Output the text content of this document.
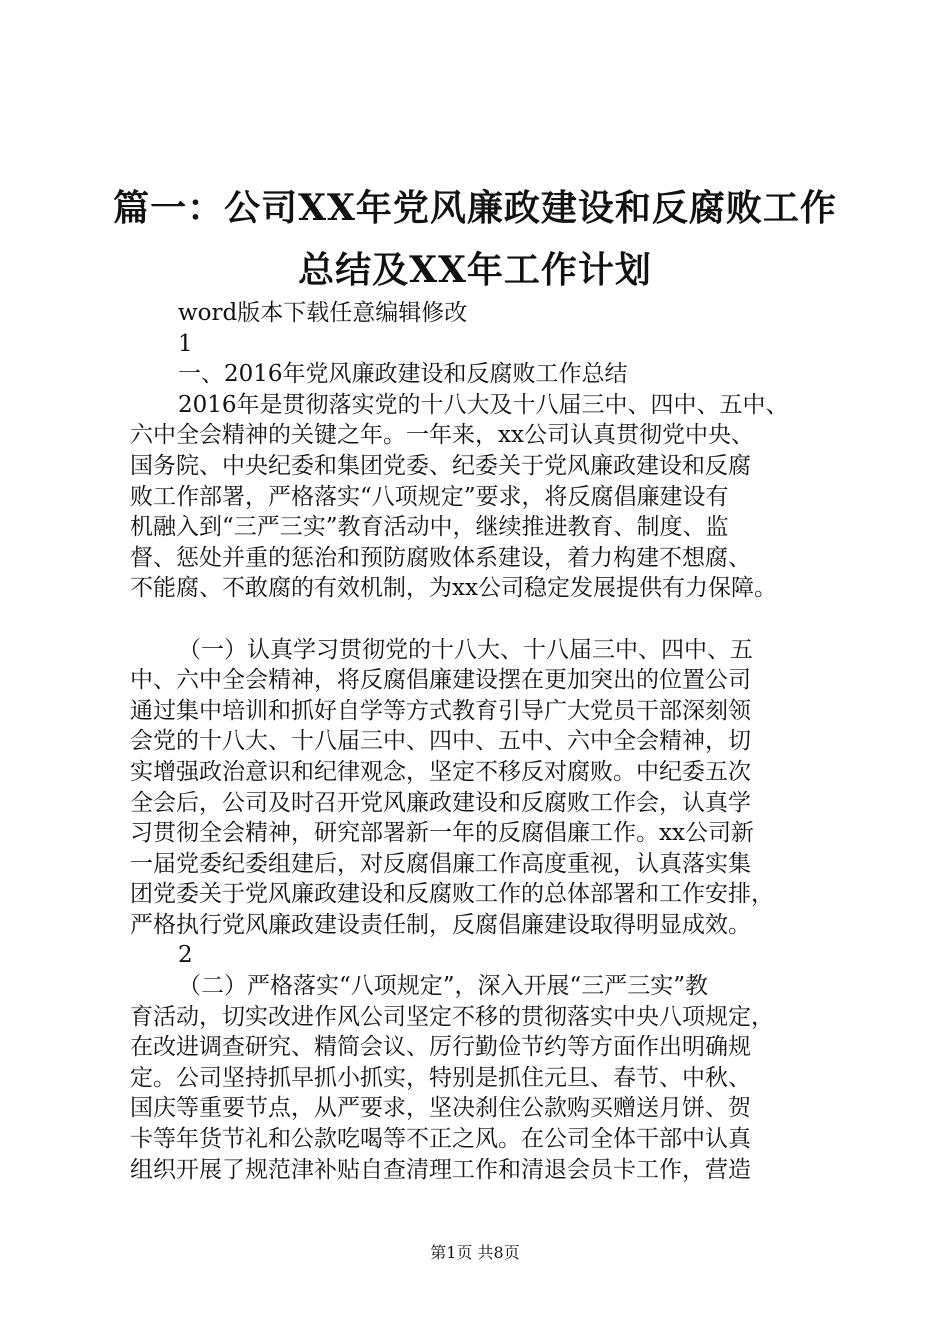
篇一：公司XX年党风廉政建设和反腐败工作
总结及XX年工作计划
word版本下载任意编辑修改
1
一、2016年党风廉政建设和反腐败工作总结
2016年是贯彻落实党的十八大及十八届三中、四中、五中、
六中全会精神的关键之年。一年来，xx公司认真贯彻党中央、
国务院、中央纪委和集团党委、纪委关于党风廉政建设和反腐
败工作部署，严格落实“八项规定”要求，将反腐倡廉建设有
机融入到“三严三实”教育活动中，继续推进教育、制度、监
督、惩处并重的惩治和预防腐败体系建设，着力构建不想腐、
不能腐、不敢腐的有效机制，为xx公司稳定发展提供有力保障。
（一）认真学习贯彻党的十八大、十八届三中、四中、五
中、六中全会精神，将反腐倡廉建设摆在更加突出的位置公司
通过集中培训和抓好自学等方式教育引导广大党员干部深刻领
会党的十八大、十八届三中、四中、五中、六中全会精神，切
实增强政治意识和纪律观念，坚定不移反对腐败。中纪委五次
全会后，公司及时召开党风廉政建设和反腐败工作会，认真学
习贯彻全会精神，研究部署新一年的反腐倡廉工作。xx公司新
一届党委纪委组建后，对反腐倡廉工作高度重视，认真落实集
团党委关于党风廉政建设和反腐败工作的总体部署和工作安排，
严格执行党风廉政建设责任制，反腐倡廉建设取得明显成效。
2
（二）严格落实“八项规定”，深入开展“三严三实”教
育活动，切实改进作风公司坚定不移的贯彻落实中央八项规定，
在改进调查研究、精简会议、厉行勤俭节约等方面作出明确规
定。公司坚持抓早抓小抓实，特别是抓住元旦、春节、中秋、
国庆等重要节点，从严要求，坚决刹住公款购买赠送月饼、贺
卡等年货节礼和公款吃喝等不正之风。在公司全体干部中认真
组织开展了规范津补贴自查清理工作和清退会员卡工作，营造
第1页 共8页
